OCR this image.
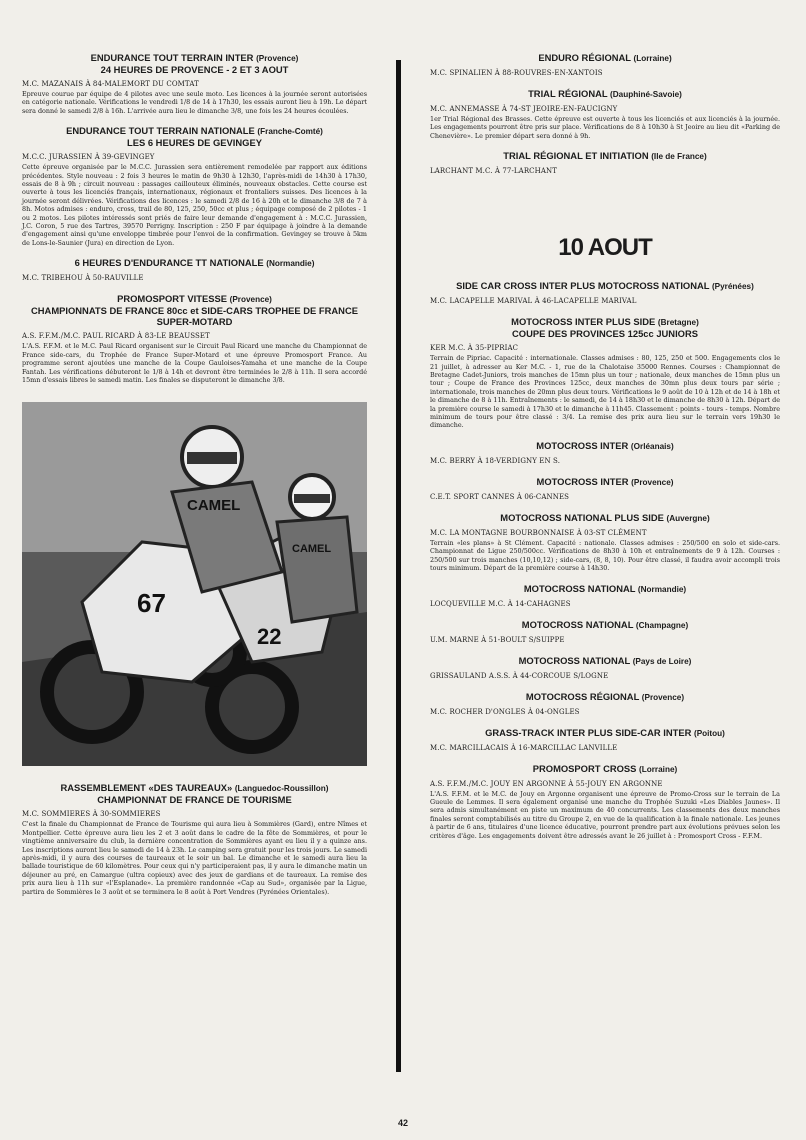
ENDURANCE TOUT TERRAIN INTER (Provence)
24 HEURES DE PROVENCE - 2 ET 3 AOUT
M.C. MAZANAIS À 84-MALEMORT DU COMTAT
Epreuve courue par équipe de 4 pilotes avec une seule moto. Les licences à la journée seront autorisées en catégorie nationale. Vérifications le vendredi 1/8 de 14 à 17h30, les essais auront lieu à 19h. Le départ sera donné le samedi 2/8 à 16h. L'arrivée aura lieu le dimanche 3/8, une fois les 24 heures écoulées.
ENDURANCE TOUT TERRAIN NATIONALE (Franche-Comté)
LES 6 HEURES DE GEVINGEY
M.C.C. JURASSIEN À 39-GEVINGEY
Cette épreuve organisée par le M.C.C. Jurassien sera entièrement remodelée par rapport aux éditions précédentes. Style nouveau : 2 fois 3 heures le matin de 9h30 à 12h30, l'après-midi de 14h30 à 17h30, essais de 8 à 9h ; circuit nouveau : passages caillouteux éliminés, nouveaux obstacles. Cette course est ouverte à tous les licenciés français, internationaux, régionaux et frontaliers suisses. Des licences à la journée seront délivrées. Vérifications des licences : le samedi 2/8 de 16 à 20h et le dimanche 3/8 de 7 à 8h. Motos admises : enduro, cross, trail de 80, 125, 250, 50cc et plus ; équipage composé de 2 pilotes - 1 ou 2 motos. Les pilotes intéressés sont priés de faire leur demande d'engagement à : M.C.C. Jurassien, J.C. Coron, 5 rue des Tartres, 39570 Perrigny. Inscription : 250 F par équipage à joindre à la demande d'engagement ainsi qu'une enveloppe timbrée pour l'envoi de la confirmation. Gevingey se trouve à 5km de Lons-le-Saunier (Jura) en direction de Lyon.
6 HEURES D'ENDURANCE TT NATIONALE (Normandie)
M.C. TRIBEHOU À 50-RAUVILLE
PROMOSPORT VITESSE (Provence)
CHAMPIONNATS DE FRANCE 80cc et SIDE-CARS TROPHEE DE FRANCE SUPER-MOTARD
A.S. F.F.M./M.C. PAUL RICARD À 83-LE BEAUSSET
L'A.S. F.F.M. et le M.C. Paul Ricard organisent sur le Circuit Paul Ricard une manche du Championnat de France side-cars, du Trophée de France Super-Motard et une épreuve Promosport France. Au programme seront ajoutées une manche de la Coupe Gauloises-Yamaha et une manche de la Coupe Fantah. Les vérifications débuteront le 1/8 à 14h et devront être terminées le 2/8 à 11h. Il sera accordé 15mn d'essais libres le samedi matin. Les finales se disputeront le dimanche 3/8.
CAMEL
CAMEL
67
22
RASSEMBLEMENT «DES TAUREAUX» (Languedoc-Roussillon)
CHAMPIONNAT DE FRANCE DE TOURISME
M.C. SOMMIERES À 30-SOMMIERES
C'est la finale du Championnat de France de Tourisme qui aura lieu à Sommières (Gard), entre Nîmes et Montpellier. Cette épreuve aura lieu les 2 et 3 août dans le cadre de la fête de Sommières, et pour le vingtième anniversaire du club, la dernière concentration de Sommières ayant eu lieu il y a quinze ans. Les inscriptions auront lieu le samedi de 14 à 23h. Le camping sera gratuit pour les trois jours. Le samedi après-midi, il y aura des courses de taureaux et le soir un bal. Le dimanche et le samedi aura lieu la ballade touristique de 60 kilomètres. Pour ceux qui n'y participeraient pas, il y aura le dimanche matin un déjeuner au pré, en Camargue (ultra copieux) avec des jeux de gardians et de taureaux. La remise des prix aura lieu à 11h sur «l'Esplanade». La première randonnée «Cap au Sud», organisée par la Ligue, partira de Sommières le 3 août et se terminera le 8 août à Port Vendres (Pyrénées Orientales).
ENDURO RÉGIONAL (Lorraine)
M.C. SPINALIEN À 88-ROUVRES-EN-XANTOIS
TRIAL RÉGIONAL (Dauphiné-Savoie)
M.C. ANNEMASSE À 74-ST JEOIRE-EN-FAUCIGNY
1er Trial Régional des Brasses. Cette épreuve est ouverte à tous les licenciés et aux licenciés à la journée. Les engagements pourront être pris sur place. Vérifications de 8 à 10h30 à St Jeoire au lieu dit «Parking de Chenevière». Le premier départ sera donné à 9h.
TRIAL RÉGIONAL ET INITIATION (Ile de France)
LARCHANT M.C. À 77-LARCHANT
10 AOUT
SIDE CAR CROSS INTER PLUS MOTOCROSS NATIONAL (Pyrénées)
M.C. LACAPELLE MARIVAL À 46-LACAPELLE MARIVAL
MOTOCROSS INTER PLUS SIDE (Bretagne)
COUPE DES PROVINCES 125cc JUNIORS
KER M.C. À 35-PIPRIAC
Terrain de Pipriac. Capacité : internationale. Classes admises : 80, 125, 250 et 500. Engagements clos le 21 juillet, à adresser au Ker M.C. - 1, rue de la Chalotaise 35000 Rennes. Courses : Championnat de Bretagne Cadet-Juniors, trois manches de 15mn plus un tour ; nationale, deux manches de 15mn plus un tour ; Coupe de France des Provinces 125cc, deux manches de 30mn plus deux tours par série ; internationale, trois manches de 20mn plus deux tours. Vérifications le 9 août de 10 à 12h et de 14 à 18h et le dimanche de 8 à 11h. Entraînements : le samedi, de 14 à 18h30 et le dimanche de 8h30 à 12h. Départ de la première course le samedi à 17h30 et le dimanche à 11h45. Classement : points - tours - temps. Nombre minimum de tours pour être classé : 3/4. La remise des prix aura lieu sur le terrain vers 19h30 le dimanche.
MOTOCROSS INTER (Orléanais)
M.C. BERRY À 18-VERDIGNY EN S.
MOTOCROSS INTER (Provence)
C.E.T. SPORT CANNES À 06-CANNES
MOTOCROSS NATIONAL PLUS SIDE (Auvergne)
M.C. LA MONTAGNE BOURBONNAISE À 03-ST CLÉMENT
Terrain «les plans» à St Clément. Capacité : nationale. Classes admises : 250/500 en solo et side-cars. Championnat de Ligue 250/500cc. Vérifications de 8h30 à 10h et entraînements de 9 à 12h. Courses : 250/500 sur trois manches (10,10,12) ; side-cars, (8, 8, 10). Pour être classé, il faudra avoir accompli trois tours minimum. Départ de la première course à 14h30.
MOTOCROSS NATIONAL (Normandie)
LOCQUEVILLE M.C. À 14-CAHAGNES
MOTOCROSS NATIONAL (Champagne)
U.M. MARNE À 51-BOULT S/SUIPPE
MOTOCROSS NATIONAL (Pays de Loire)
GRISSAULAND A.S.S. À 44-CORCOUE S/LOGNE
MOTOCROSS RÉGIONAL (Provence)
M.C. ROCHER D'ONGLES À 04-ONGLES
GRASS-TRACK INTER PLUS SIDE-CAR INTER (Poitou)
M.C. MARCILLACAIS À 16-MARCILLAC LANVILLE
PROMOSPORT CROSS (Lorraine)
A.S. F.F.M./M.C. JOUY EN ARGONNE À 55-JOUY EN ARGONNE
L'A.S. F.F.M. et le M.C. de Jouy en Argonne organisent une épreuve de Promo-Cross sur le terrain de La Gueule de Lemmes. Il sera également organisé une manche du Trophée Suzuki «Les Diables Jaunes». Il sera admis simultanément en piste un maximum de 40 concurrents. Les classements des deux manches finales seront comptabilisés au titre du Groupe 2, en vue de la qualification à la finale nationale. Les jeunes à partir de 6 ans, titulaires d'une licence éducative, pourront prendre part aux évolutions prévues selon les critères d'âge. Les engagements doivent être adressés avant le 26 juillet à : Promosport Cross - F.F.M.
42
